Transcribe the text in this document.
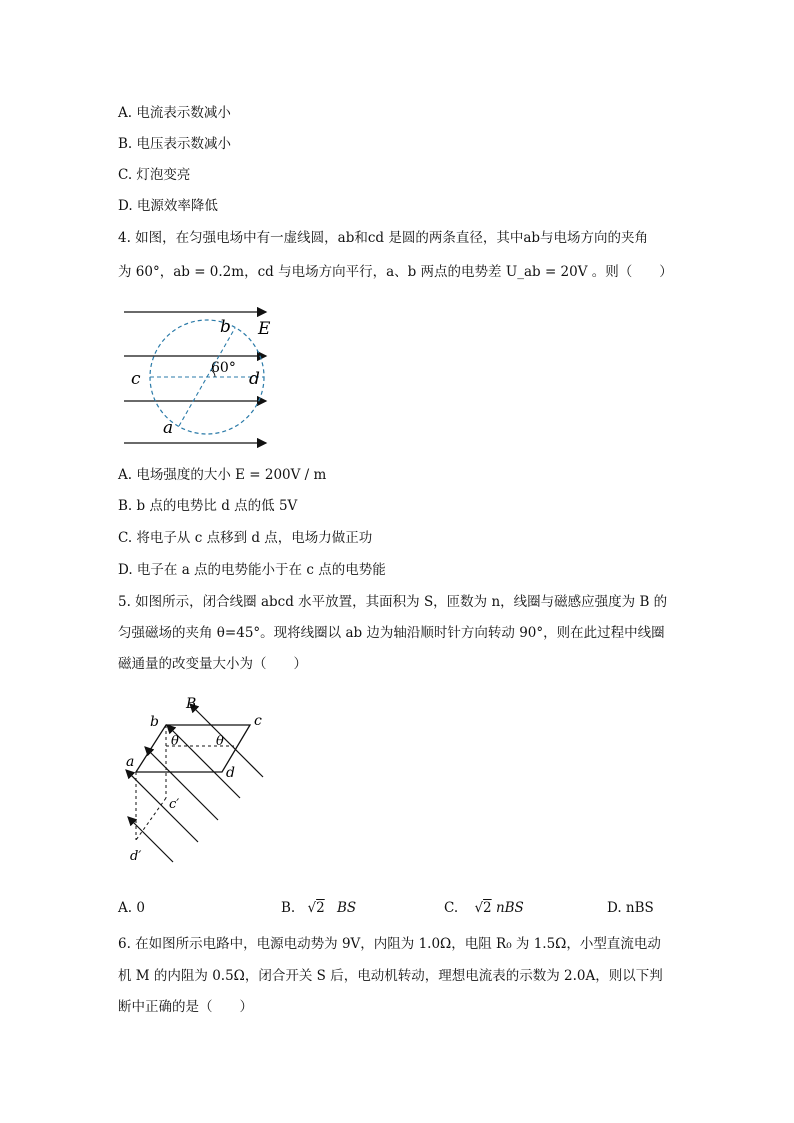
A. 电流表示数减小
B. 电压表示数减小
C. 灯泡变亮
D. 电源效率降低
4. 如图，在匀强电场中有一虚线圆，ab和cd 是圆的两条直径，其中ab与电场方向的夹角
为 60°，ab = 0.2m，cd 与电场方向平行，a、b 两点的电势差 U_ab = 20V 。则（　　）
b E
60°
c	d
a
A. 电场强度的大小 E = 200V / m
B. b 点的电势比 d 点的低 5V
C. 将电子从 c 点移到 d 点，电场力做正功
D. 电子在 a 点的电势能小于在 c 点的电势能
5. 如图所示，闭合线圈 abcd 水平放置，其面积为 S，匝数为 n，线圈与磁感应强度为 B 的
匀强磁场的夹角 θ=45°。现将线圈以 ab 边为轴沿顺时针方向转动 90°，则在此过程中线圈
磁通量的改变量大小为（　　）
B
b	c
θ	θ
a
d
c′
d′
A. 0	B. √2 BS	C. √2 nBS	D. nBS
6. 在如图所示电路中，电源电动势为 9V，内阻为 1.0Ω，电阻 R₀ 为 1.5Ω，小型直流电动
机 M 的内阻为 0.5Ω，闭合开关 S 后，电动机转动，理想电流表的示数为 2.0A，则以下判
断中正确的是（　　）
